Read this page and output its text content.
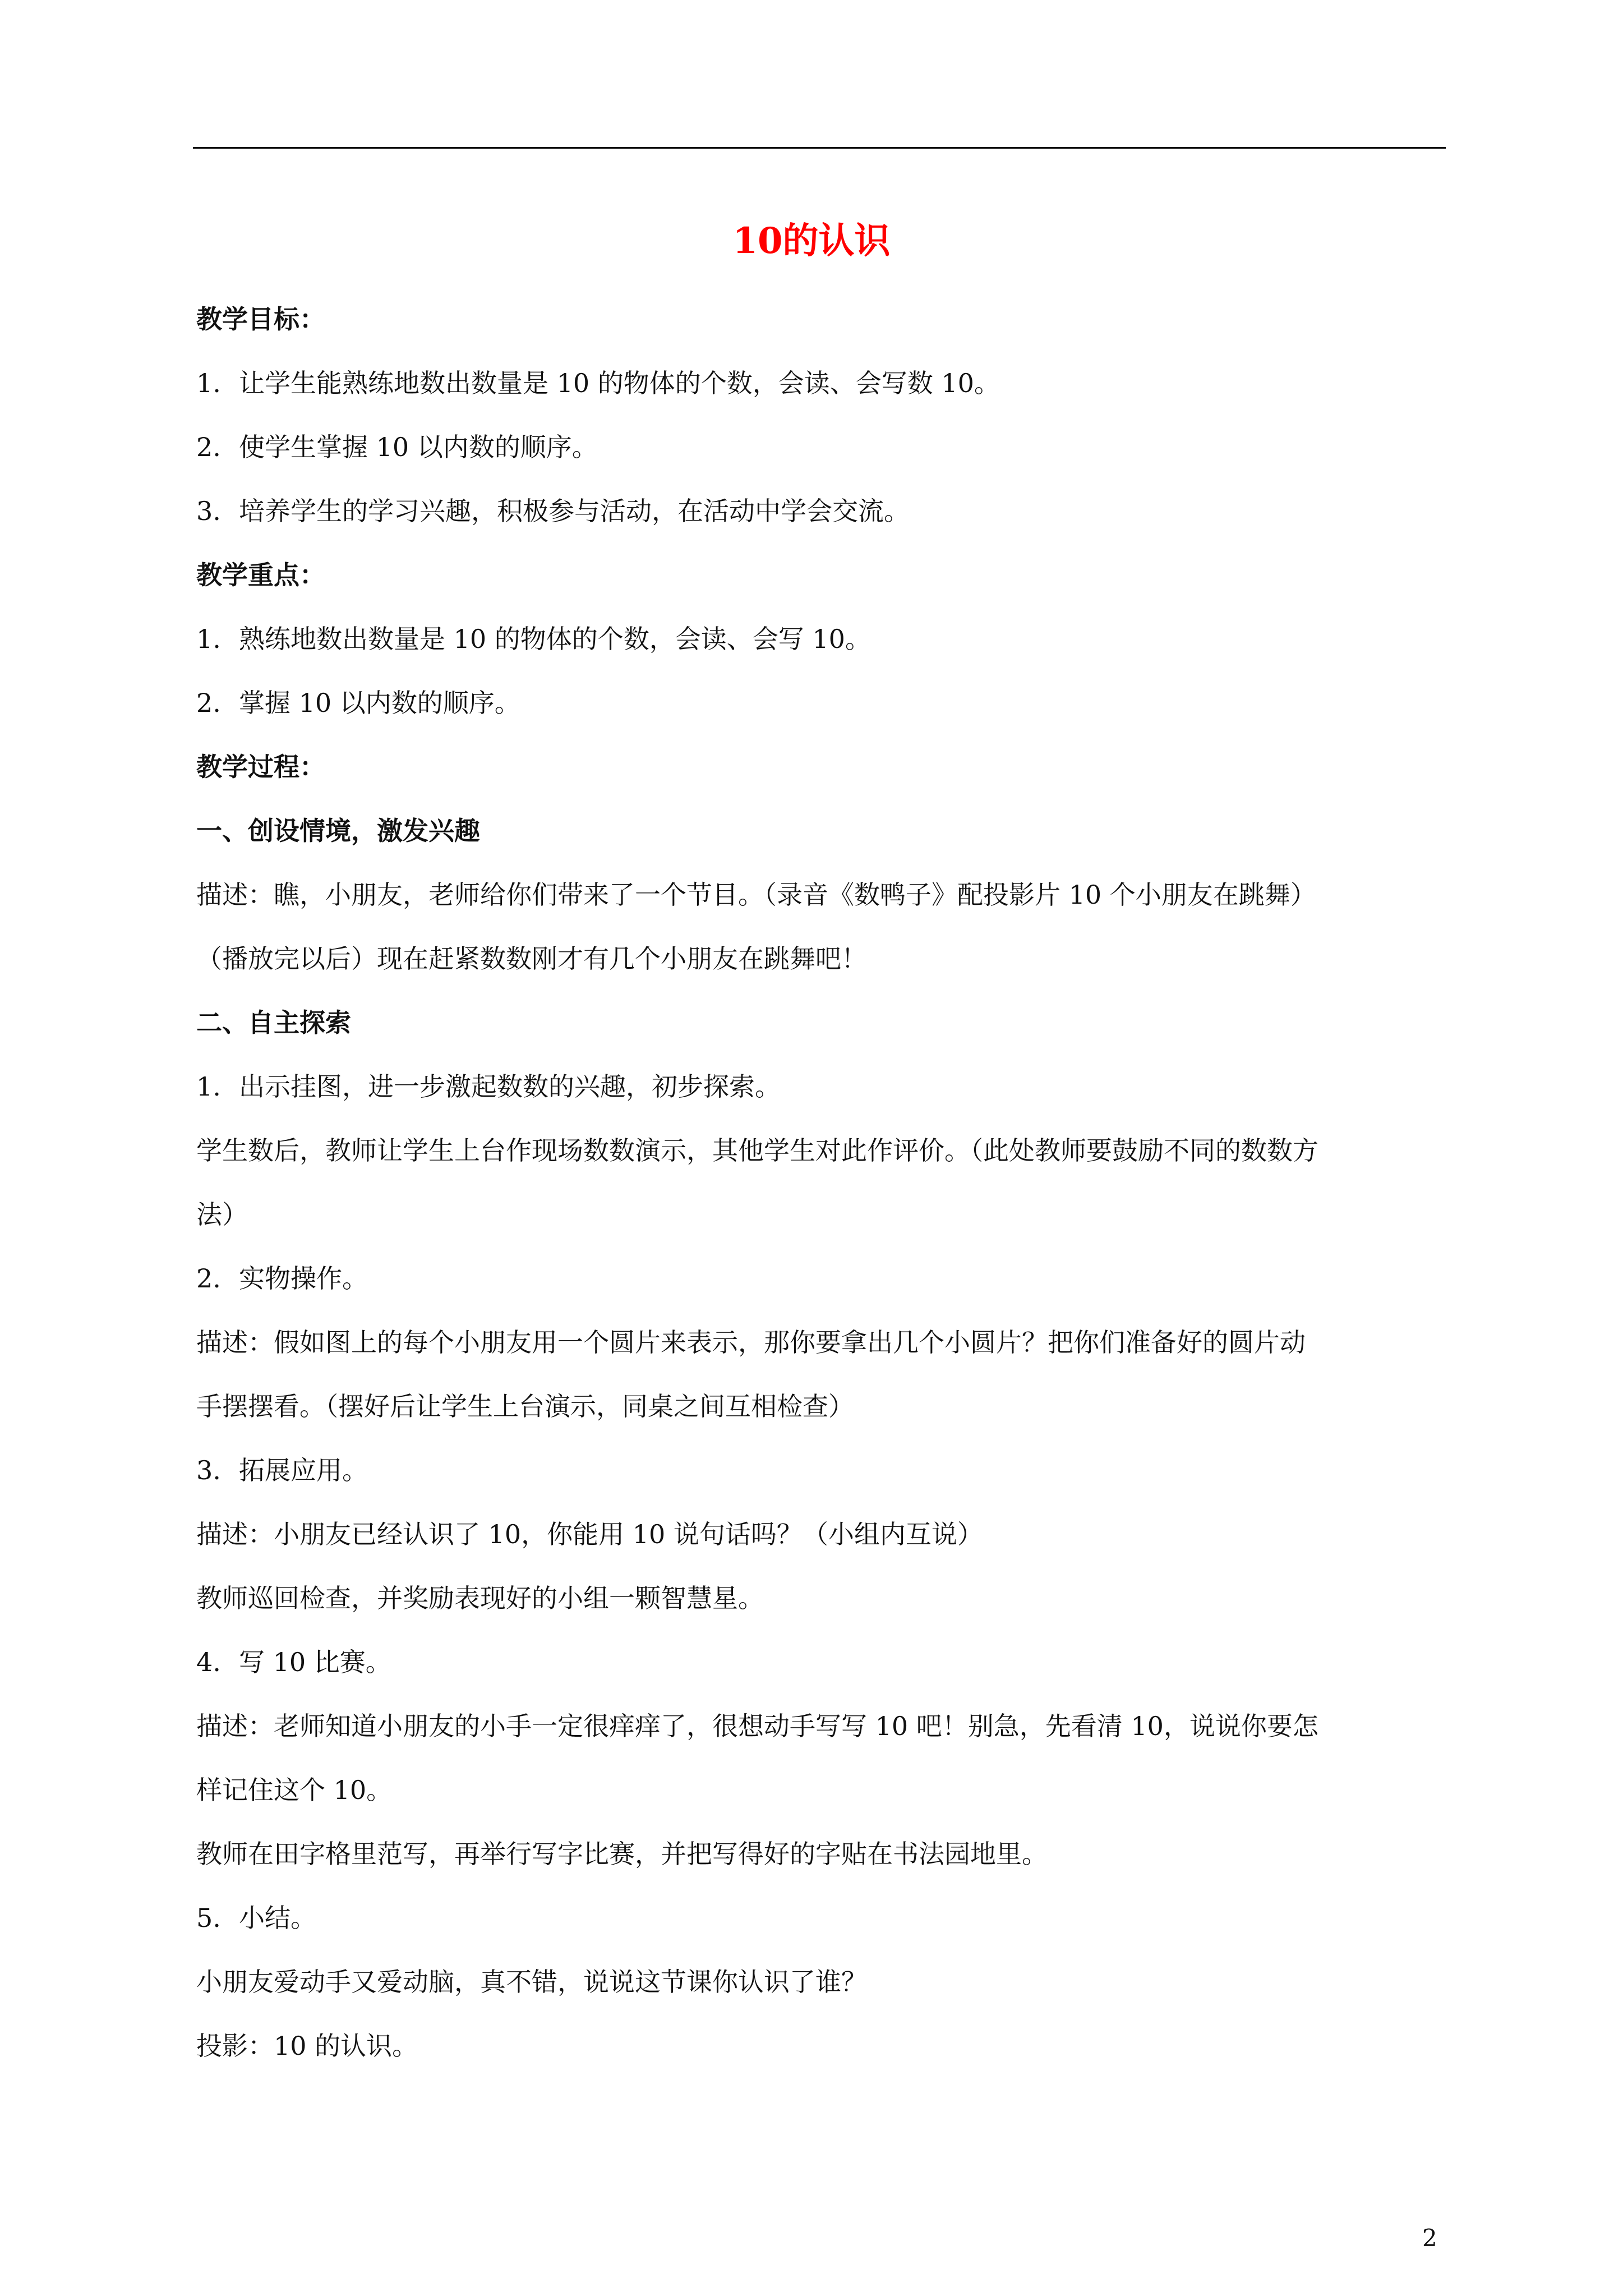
10的认识
教学目标：
1. 让学生能熟练地数出数量是 10 的物体的个数，会读、会写数 10。
2. 使学生掌握 10 以内数的顺序。
3. 培养学生的学习兴趣，积极参与活动，在活动中学会交流。
教学重点：
1. 熟练地数出数量是 10 的物体的个数，会读、会写 10。
2. 掌握 10 以内数的顺序。
教学过程：
一、创设情境，激发兴趣
描述：瞧，小朋友，老师给你们带来了一个节目。（录音《数鸭子》配投影片 10 个小朋友在跳舞）
（播放完以后）现在赶紧数数刚才有几个小朋友在跳舞吧！
二、自主探索
1. 出示挂图，进一步激起数数的兴趣，初步探索。
学生数后，教师让学生上台作现场数数演示，其他学生对此作评价。（此处教师要鼓励不同的数数方
法）
2. 实物操作。
描述：假如图上的每个小朋友用一个圆片来表示，那你要拿出几个小圆片？把你们准备好的圆片动
手摆摆看。（摆好后让学生上台演示，同桌之间互相检查）
3. 拓展应用。
描述：小朋友已经认识了 10，你能用 10 说句话吗？（小组内互说）
教师巡回检查，并奖励表现好的小组一颗智慧星。
4. 写 10 比赛。
描述：老师知道小朋友的小手一定很痒痒了，很想动手写写 10 吧！别急，先看清 10，说说你要怎
样记住这个 10。
教师在田字格里范写，再举行写字比赛，并把写得好的字贴在书法园地里。
5. 小结。
小朋友爱动手又爱动脑，真不错，说说这节课你认识了谁？
投影：10 的认识。
2
